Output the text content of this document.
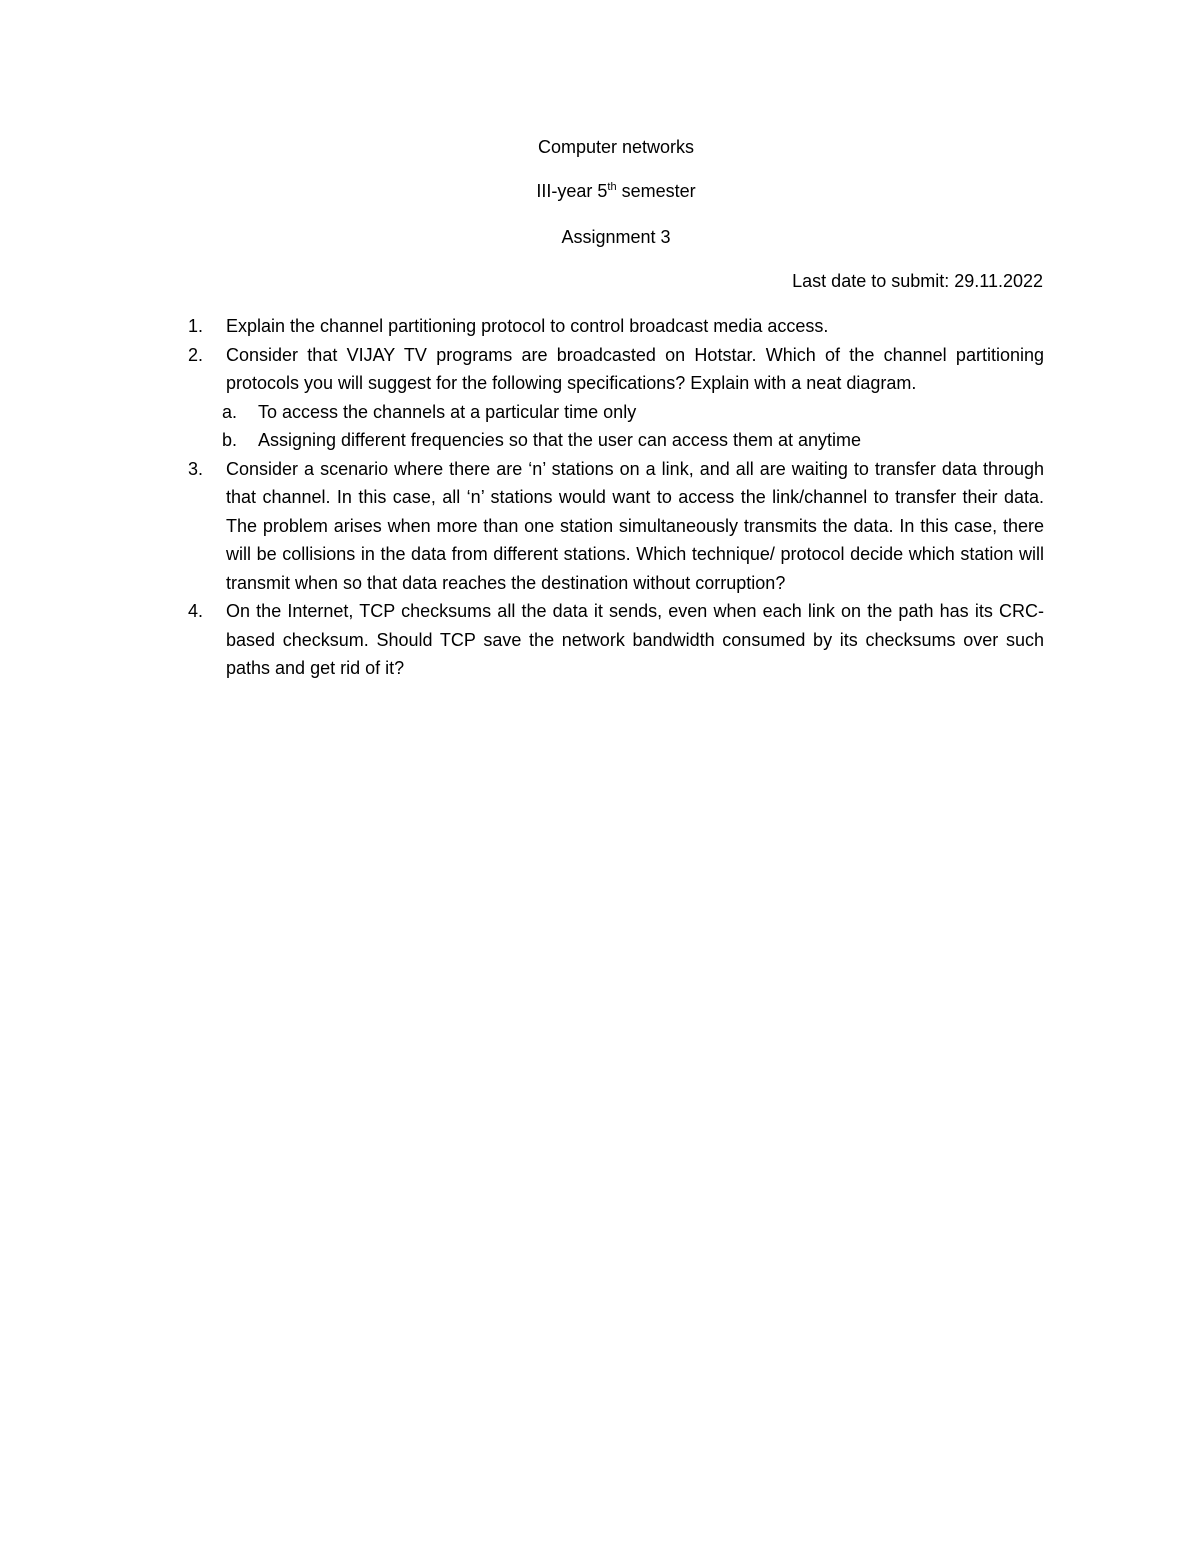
Computer networks
III-year 5th semester
Assignment 3
Last date to submit: 29.11.2022
1. Explain the channel partitioning protocol to control broadcast media access.
2. Consider that VIJAY TV programs are broadcasted on Hotstar. Which of the channel partitioning protocols you will suggest for the following specifications? Explain with a neat diagram.
a. To access the channels at a particular time only
b. Assigning different frequencies so that the user can access them at anytime
3. Consider a scenario where there are ‘n’ stations on a link, and all are waiting to transfer data through that channel. In this case, all ‘n’ stations would want to access the link/channel to transfer their data. The problem arises when more than one station simultaneously transmits the data. In this case, there will be collisions in the data from different stations. Which technique/ protocol decide which station will transmit when so that data reaches the destination without corruption?
4. On the Internet, TCP checksums all the data it sends, even when each link on the path has its CRC-based checksum. Should TCP save the network bandwidth consumed by its checksums over such paths and get rid of it?
